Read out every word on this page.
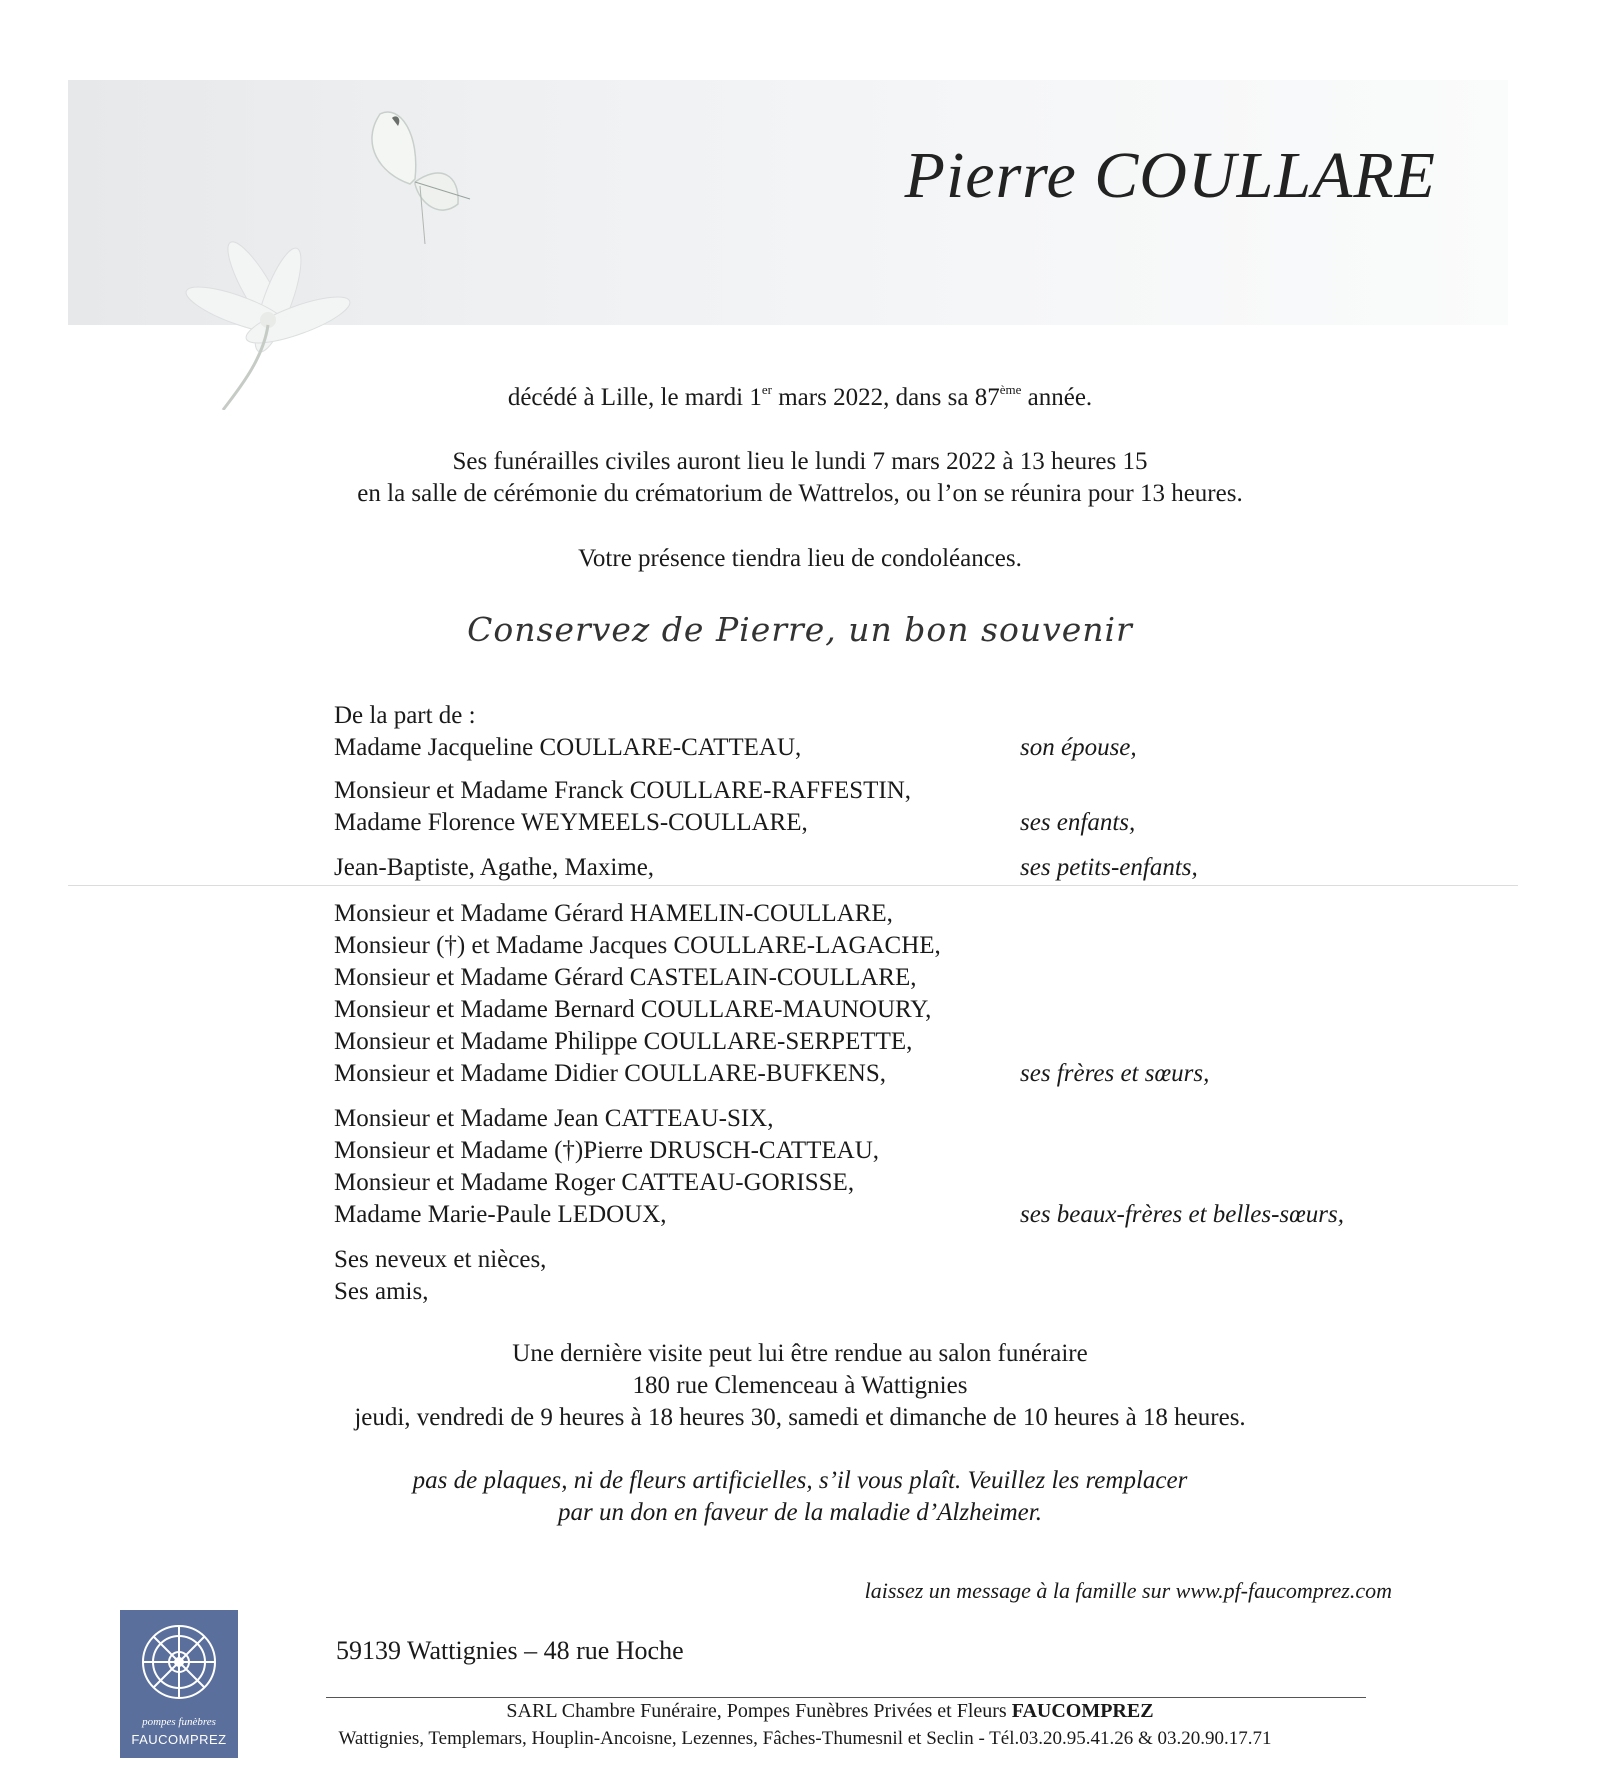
Pierre COULLARE
décédé à Lille, le mardi 1er mars 2022, dans sa 87ème année.
Ses funérailles civiles auront lieu le lundi 7 mars 2022 à 13 heures 15
en la salle de cérémonie du crématorium de Wattrelos, ou l’on se réunira pour 13 heures.
Votre présence tiendra lieu de condoléances.
Conservez de Pierre, un bon souvenir
De la part de :
Madame Jacqueline COULLARE-CATTEAU,	son épouse,
Monsieur et Madame Franck COULLARE-RAFFESTIN,
Madame Florence WEYMEELS-COULLARE,	ses enfants,
Jean-Baptiste, Agathe, Maxime,	ses petits-enfants,
Monsieur et Madame Gérard HAMELIN-COULLARE,
Monsieur (†) et Madame Jacques COULLARE-LAGACHE,
Monsieur et Madame Gérard CASTELAIN-COULLARE,
Monsieur et Madame Bernard COULLARE-MAUNOURY,
Monsieur et Madame Philippe COULLARE-SERPETTE,
Monsieur et Madame Didier COULLARE-BUFKENS,	ses frères et sœurs,
Monsieur et Madame Jean CATTEAU-SIX,
Monsieur et Madame (†)Pierre DRUSCH-CATTEAU,
Monsieur et Madame Roger CATTEAU-GORISSE,
Madame Marie-Paule LEDOUX,	ses beaux-frères et belles-sœurs,
Ses neveux et nièces,
Ses amis,
Une dernière visite peut lui être rendue au salon funéraire
180 rue Clemenceau à Wattignies
jeudi, vendredi de 9 heures à 18 heures 30, samedi et dimanche de 10 heures à 18 heures.
pas de plaques, ni de fleurs artificielles, s’il vous plaît. Veuillez les remplacer
par un don en faveur de la maladie d’Alzheimer.
laissez un message à la famille sur www.pf-faucomprez.com
pompes funèbres
FAUCOMPREZ
59139 Wattignies – 48 rue Hoche
SARL Chambre Funéraire, Pompes Funèbres Privées et Fleurs FAUCOMPREZ
Wattignies, Templemars, Houplin-Ancoisne, Lezennes, Fâches-Thumesnil et Seclin - Tél.03.20.95.41.26 & 03.20.90.17.71
